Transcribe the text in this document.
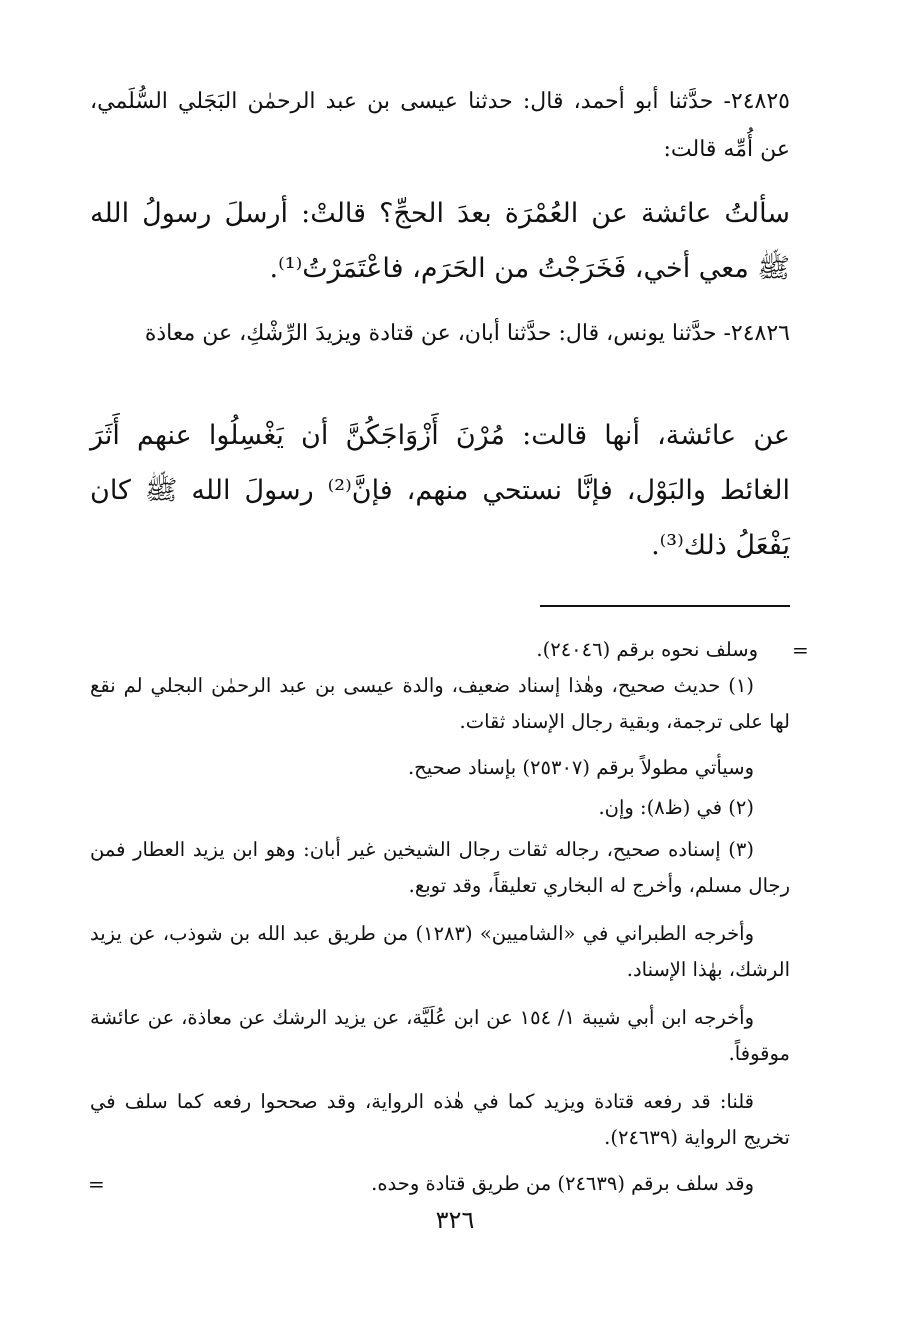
٢٤٨٢٥- حدَّثنا أبو أحمد، قال: حدثنا عيسى بن عبد الرحمٰن البَجَلي السُّلَمي، عن أُمِّه قالت:

سألتُ عائشة عن العُمْرَة بعدَ الحجِّ؟ قالتْ: أرسلَ رسولُ الله ﷺ معي أخي، فَخَرَجْتُ من الحَرَم، فاعْتَمَرْتُ⁽¹⁾.

٢٤٨٢٦- حدَّثنا يونس، قال: حدَّثنا أبان، عن قتادة ويزيدَ الرِّشْكِ، عن معاذة

عن عائشة، أنها قالت: مُرْنَ أَزْوَاجَكُنَّ أن يَغْسِلُوا عنهم أَثَرَ الغائط والبَوْل، فإنَّا نستحي منهم، فإنَّ⁽²⁾ رسولَ الله ﷺ كان يَفْعَلُ ذلك⁽³⁾.

=

وسلف نحوه برقم (٢٤٠٤٦).

(١) حديث صحيح، وهٰذا إسناد ضعيف، والدة عيسى بن عبد الرحمٰن البجلي لم نقع لها على ترجمة، وبقية رجال الإسناد ثقات.

وسيأتي مطولاً برقم (٢٥٣٠٧) بإسناد صحيح.

(٢) في (ظ٨): وإن.

(٣) إسناده صحيح، رجاله ثقات رجال الشيخين غير أبان: وهو ابن يزيد العطار فمن رجال مسلم، وأخرج له البخاري تعليقاً، وقد توبع.

وأخرجه الطبراني في «الشاميين» (١٢٨٣) من طريق عبد الله بن شوذب، عن يزيد الرشك، بهٰذا الإسناد.

وأخرجه ابن أبي شيبة ١/ ١٥٤ عن ابن عُلَيَّة، عن يزيد الرشك عن معاذة، عن عائشة موقوفاً.

قلنا: قد رفعه قتادة ويزيد كما في هٰذه الرواية، وقد صححوا رفعه كما سلف في تخريج الرواية (٢٤٦٣٩).

وقد سلف برقم (٢٤٦٣٩) من طريق قتادة وحده.

=
٣٢٦
